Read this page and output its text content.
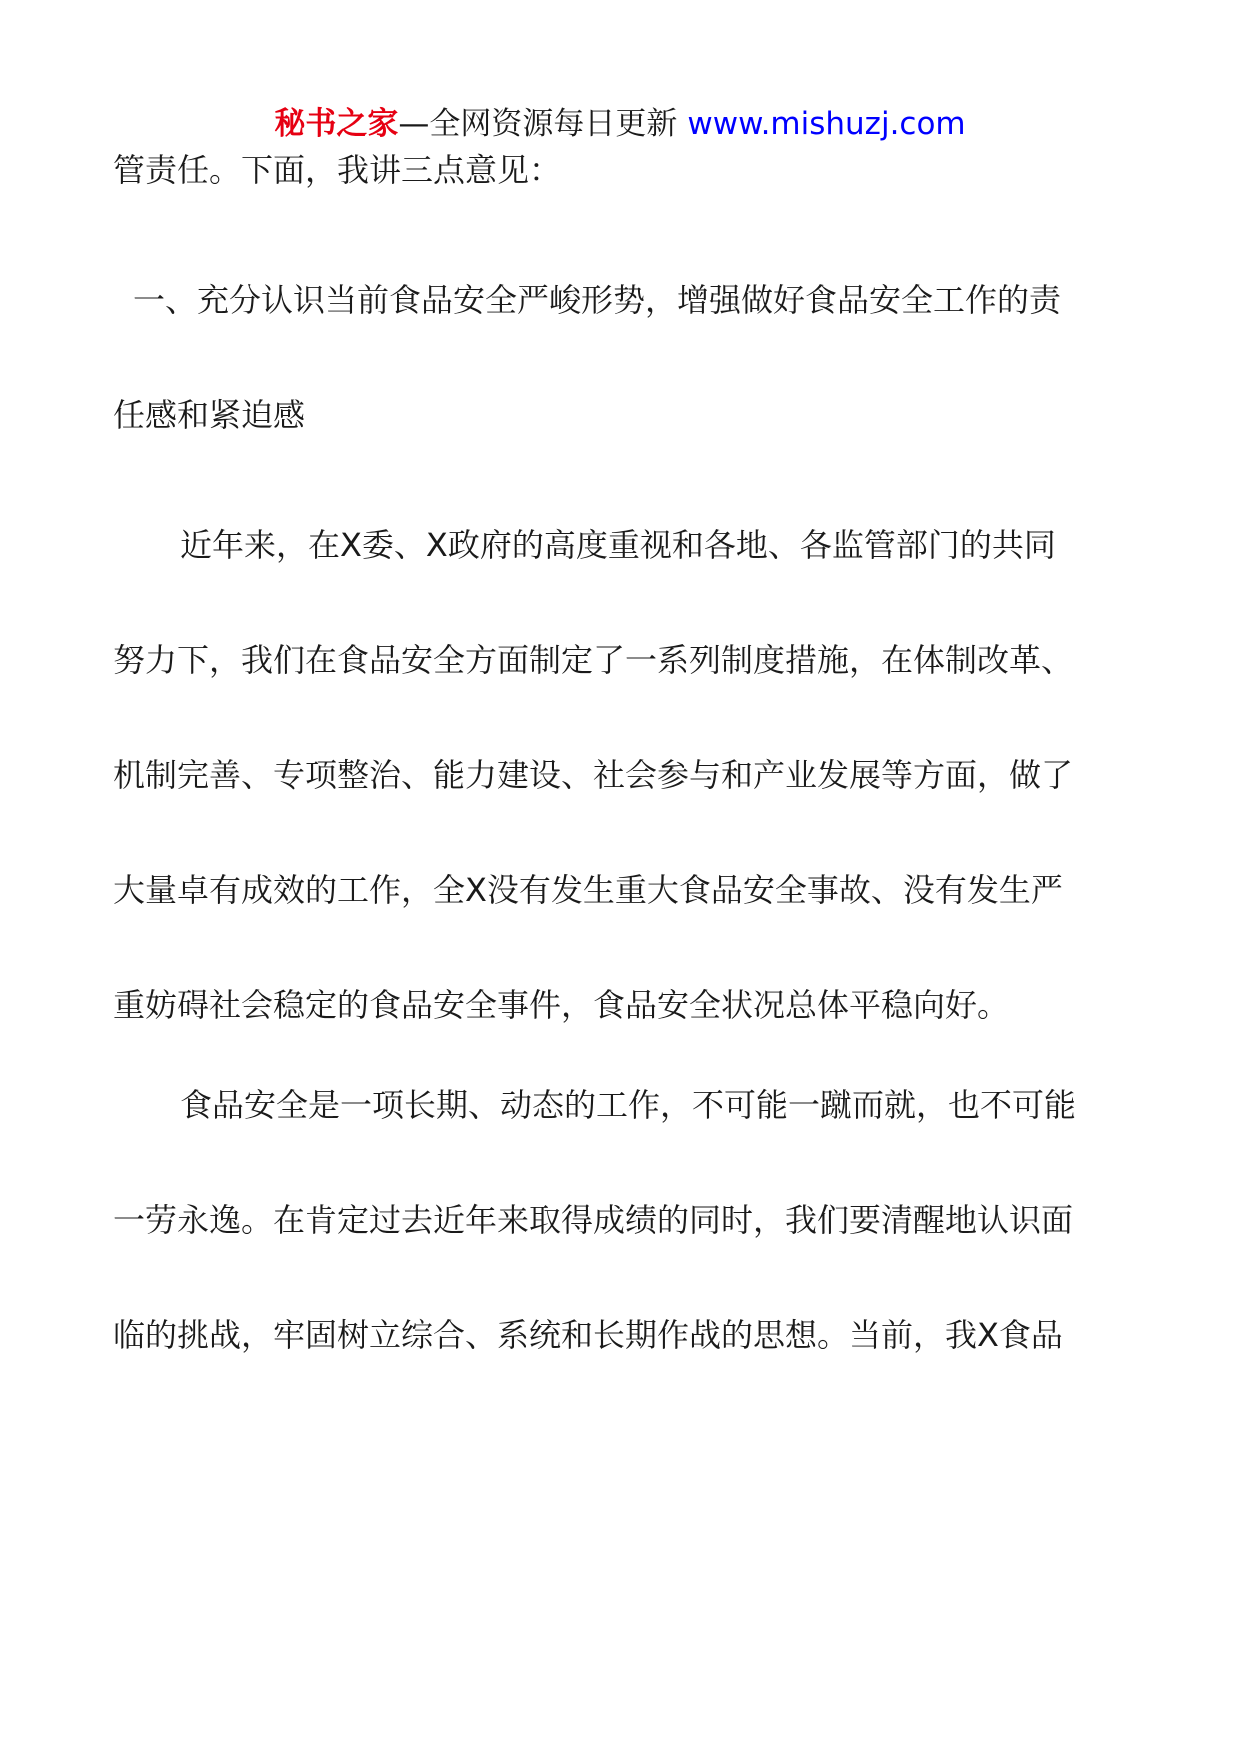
秘书之家—全网资源每日更新 www.mishuzj.com
管责任。下面，我讲三点意见：
一、充分认识当前食品安全严峻形势，增强做好食品安全工作的责
任感和紧迫感
近年来，在X委、X政府的高度重视和各地、各监管部门的共同
努力下，我们在食品安全方面制定了一系列制度措施，在体制改革、
机制完善、专项整治、能力建设、社会参与和产业发展等方面，做了
大量卓有成效的工作，全X没有发生重大食品安全事故、没有发生严
重妨碍社会稳定的食品安全事件，食品安全状况总体平稳向好。
食品安全是一项长期、动态的工作，不可能一蹴而就，也不可能
一劳永逸。在肯定过去近年来取得成绩的同时，我们要清醒地认识面
临的挑战，牢固树立综合、系统和长期作战的思想。当前，我X食品
